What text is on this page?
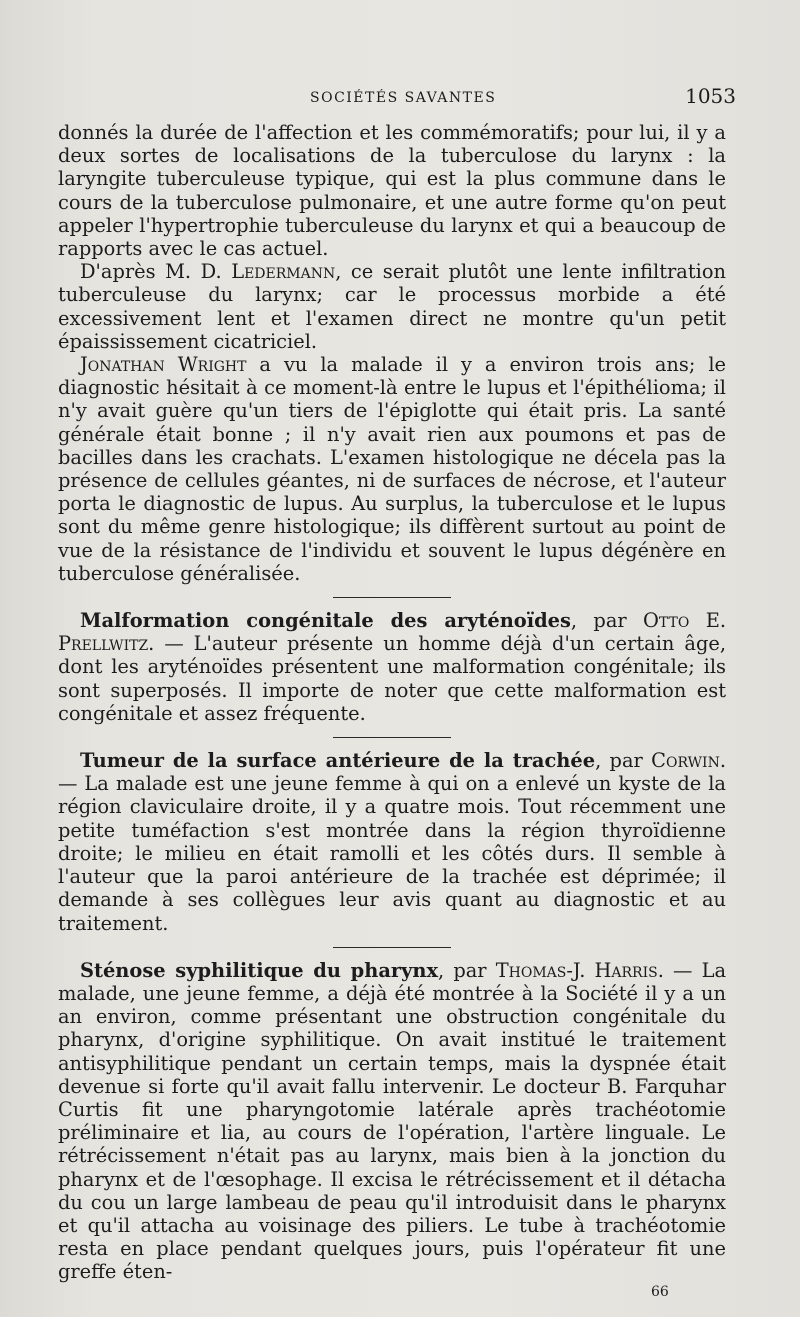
SOCIÉTÉS SAVANTES	1053

donnés la durée de l'affection et les commémoratifs; pour lui, il y a deux sortes de localisations de la tuberculose du larynx : la laryngite tuberculeuse typique, qui est la plus commune dans le cours de la tuberculose pulmonaire, et une autre forme qu'on peut appeler l'hypertrophie tuberculeuse du larynx et qui a beaucoup de rapports avec le cas actuel.

D'après M. D. Ledermann, ce serait plutôt une lente infiltration tuberculeuse du larynx; car le processus morbide a été excessivement lent et l'examen direct ne montre qu'un petit épaississement cicatriciel.

Jonathan Wright a vu la malade il y a environ trois ans; le diagnostic hésitait à ce moment-là entre le lupus et l'épithélioma; il n'y avait guère qu'un tiers de l'épiglotte qui était pris. La santé générale était bonne ; il n'y avait rien aux poumons et pas de bacilles dans les crachats. L'examen histologique ne décela pas la présence de cellules géantes, ni de surfaces de nécrose, et l'auteur porta le diagnostic de lupus. Au surplus, la tuberculose et le lupus sont du même genre histologique; ils diffèrent surtout au point de vue de la résistance de l'individu et souvent le lupus dégénère en tuberculose généralisée.

Malformation congénitale des aryténoïdes, par Otto E. Prellwitz. — L'auteur présente un homme déjà d'un certain âge, dont les aryténoïdes présentent une malformation congénitale; ils sont superposés. Il importe de noter que cette malformation est congénitale et assez fréquente.

Tumeur de la surface antérieure de la trachée, par Corwin. — La malade est une jeune femme à qui on a enlevé un kyste de la région claviculaire droite, il y a quatre mois. Tout récemment une petite tuméfaction s'est montrée dans la région thyroïdienne droite; le milieu en était ramolli et les côtés durs. Il semble à l'auteur que la paroi antérieure de la trachée est déprimée; il demande à ses collègues leur avis quant au diagnostic et au traitement.

Sténose syphilitique du pharynx, par Thomas-J. Harris. — La malade, une jeune femme, a déjà été montrée à la Société il y a un an environ, comme présentant une obstruction congénitale du pharynx, d'origine syphilitique. On avait institué le traitement antisyphilitique pendant un certain temps, mais la dyspnée était devenue si forte qu'il avait fallu intervenir. Le docteur B. Farquhar Curtis fit une pharyngotomie latérale après trachéotomie préliminaire et lia, au cours de l'opération, l'artère linguale. Le rétrécissement n'était pas au larynx, mais bien à la jonction du pharynx et de l'œsophage. Il excisa le rétrécissement et il détacha du cou un large lambeau de peau qu'il introduisit dans le pharynx et qu'il attacha au voisinage des piliers. Le tube à trachéotomie resta en place pendant quelques jours, puis l'opérateur fit une greffe éten-

66
